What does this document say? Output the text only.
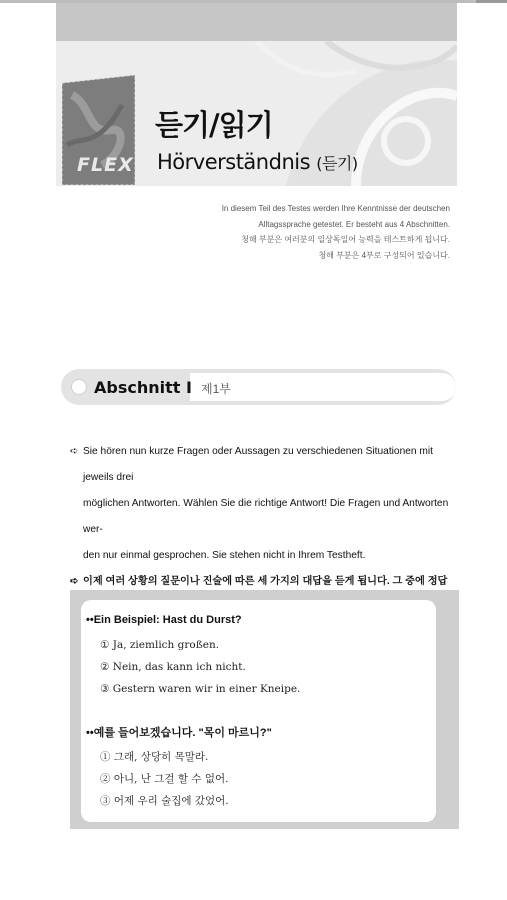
FLEX
듣기/읽기
Hörverständnis (듣기)
In diesem Teil des Testes werden Ihre Kenntnisse der deutschen
Alltagssprache getestet. Er besteht aus 4 Abschnitten.
청해 부분은 여러분의 일상독일어 능력을 테스트하게 됩니다.
청해 부분은 4부로 구성되어 있습니다.
Abschnitt I 제1부
➪ Sie hören nun kurze Fragen oder Aussagen zu verschiedenen Situationen mit jeweils drei
möglichen Antworten. Wählen Sie die richtige Antwort! Die Fragen und Antworten wer-
den nur einmal gesprochen. Sie stehen nicht in Ihrem Testheft.
➪ 이제 여러 상황의 질문이나 진술에 따른 세 가지의 대답을 듣게 됩니다. 그 중에 정답
••Ein Beispiel: Hast du Durst?
① Ja, ziemlich großen.
② Nein, das kann ich nicht.
③ Gestern waren wir in einer Kneipe.
••예를 들어보겠습니다. "목이 마르니?"
① 그래, 상당히 목말라.
② 아니, 난 그걸 할 수 없어.
③ 어제 우리 술집에 갔었어.
